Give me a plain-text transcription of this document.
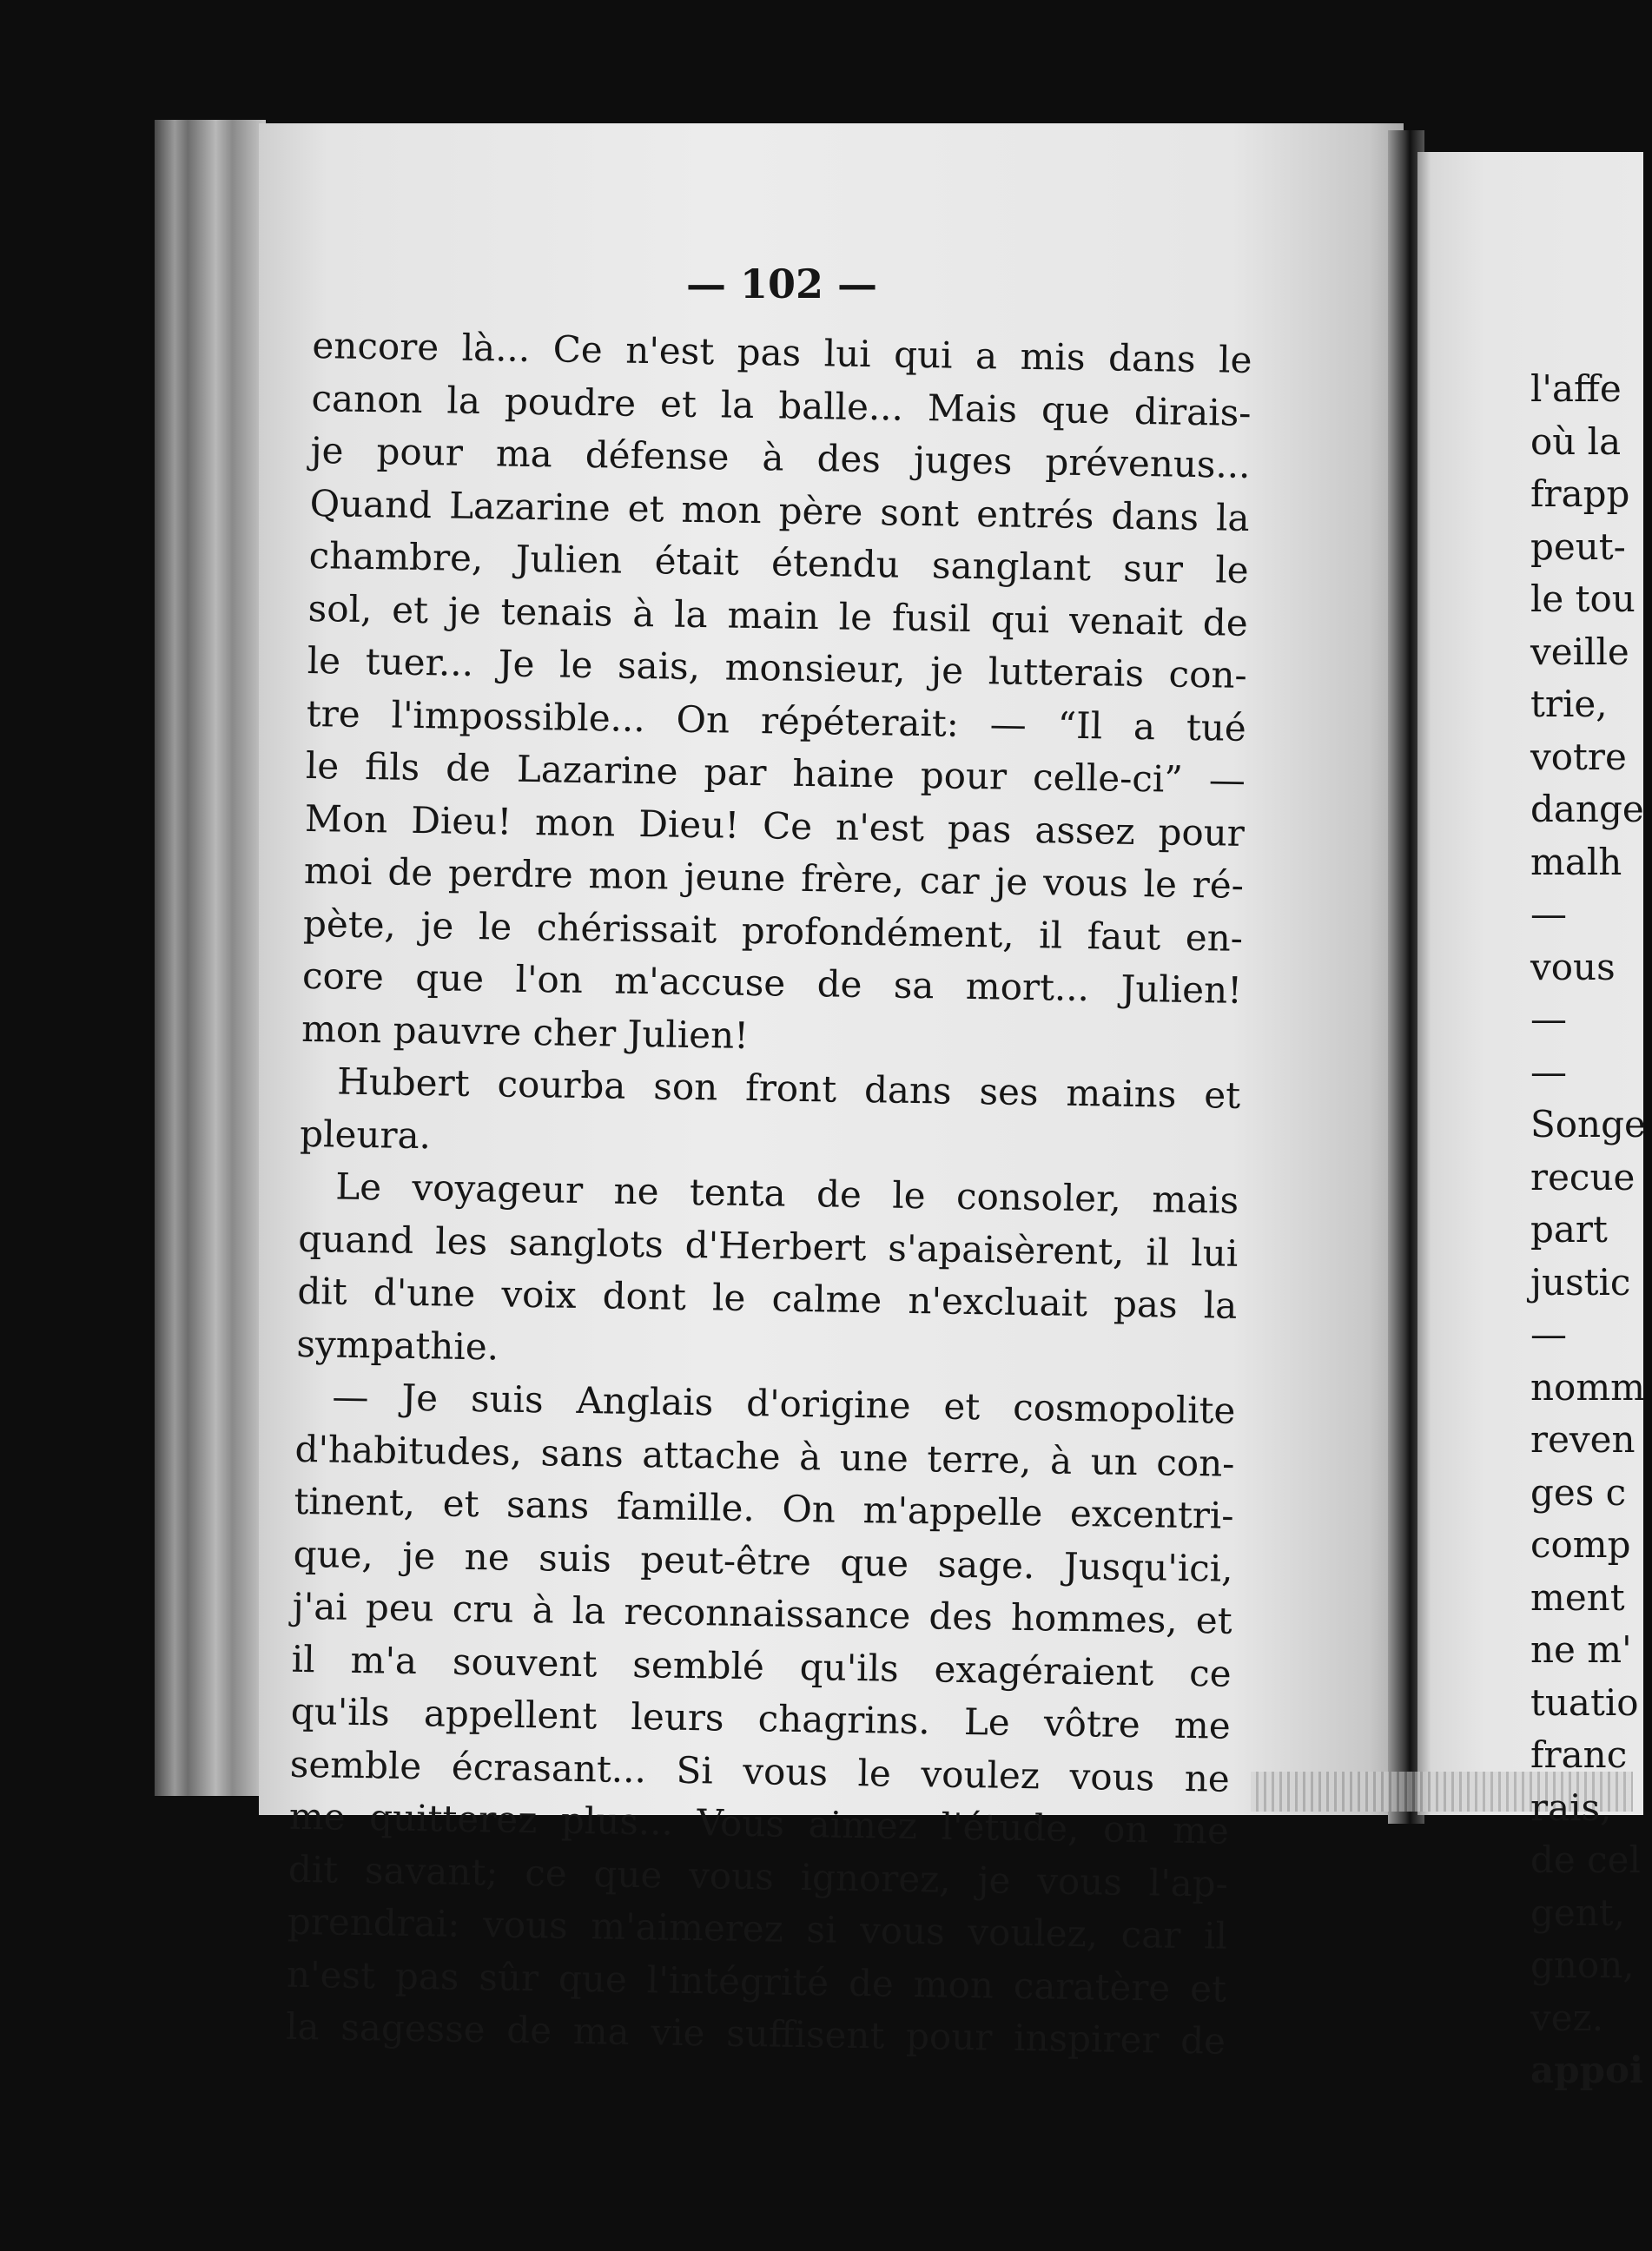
— 102 —
encore là... Ce n'est pas lui qui a mis dans le
canon la poudre et la balle... Mais que dirais-
je pour ma défense à des juges prévenus...
Quand Lazarine et mon père sont entrés dans la
chambre, Julien était étendu sanglant sur le
sol, et je tenais à la main le fusil qui venait de
le tuer... Je le sais, monsieur, je lutterais con-
tre l'impossible... On répéterait: — “Il a tué
le fils de Lazarine par haine pour celle-ci” —
Mon Dieu! mon Dieu! Ce n'est pas assez pour
moi de perdre mon jeune frère, car je vous le ré-
pète, je le chérissait profondément, il faut en-
core que l'on m'accuse de sa mort... Julien!
mon pauvre cher Julien!
Hubert courba son front dans ses mains et
pleura.
Le voyageur ne tenta de le consoler, mais
quand les sanglots d'Herbert s'apaisèrent, il lui
dit d'une voix dont le calme n'excluait pas la
sympathie.
— Je suis Anglais d'origine et cosmopolite
d'habitudes, sans attache à une terre, à un con-
tinent, et sans famille. On m'appelle excentri-
que, je ne suis peut-être que sage. Jusqu'ici,
j'ai peu cru à la reconnaissance des hommes, et
il m'a souvent semblé qu'ils exagéraient ce
qu'ils appellent leurs chagrins. Le vôtre me
semble écrasant... Si vous le voulez vous ne
me quitterez plus... Vous aimez l'étude, on me
dit savant; ce que vous ignorez, je vous l'ap-
prendrai: vous m'aimerez si vous voulez, car il
n'est pas sûr que l'intégrité de mon caratère et
la sagesse de ma vie suffisent pour inspirer de
l'affe
où la
frapp
peut-
le tou
veille
trie,
votre
dange
malh
—
vous
—
—
Songe
recue
part
justic
—
nomm
reven
ges c
comp
ment
ne m'
tuatio
franc
rais,
de cel
gent,
gnon,
vez.
appoi
